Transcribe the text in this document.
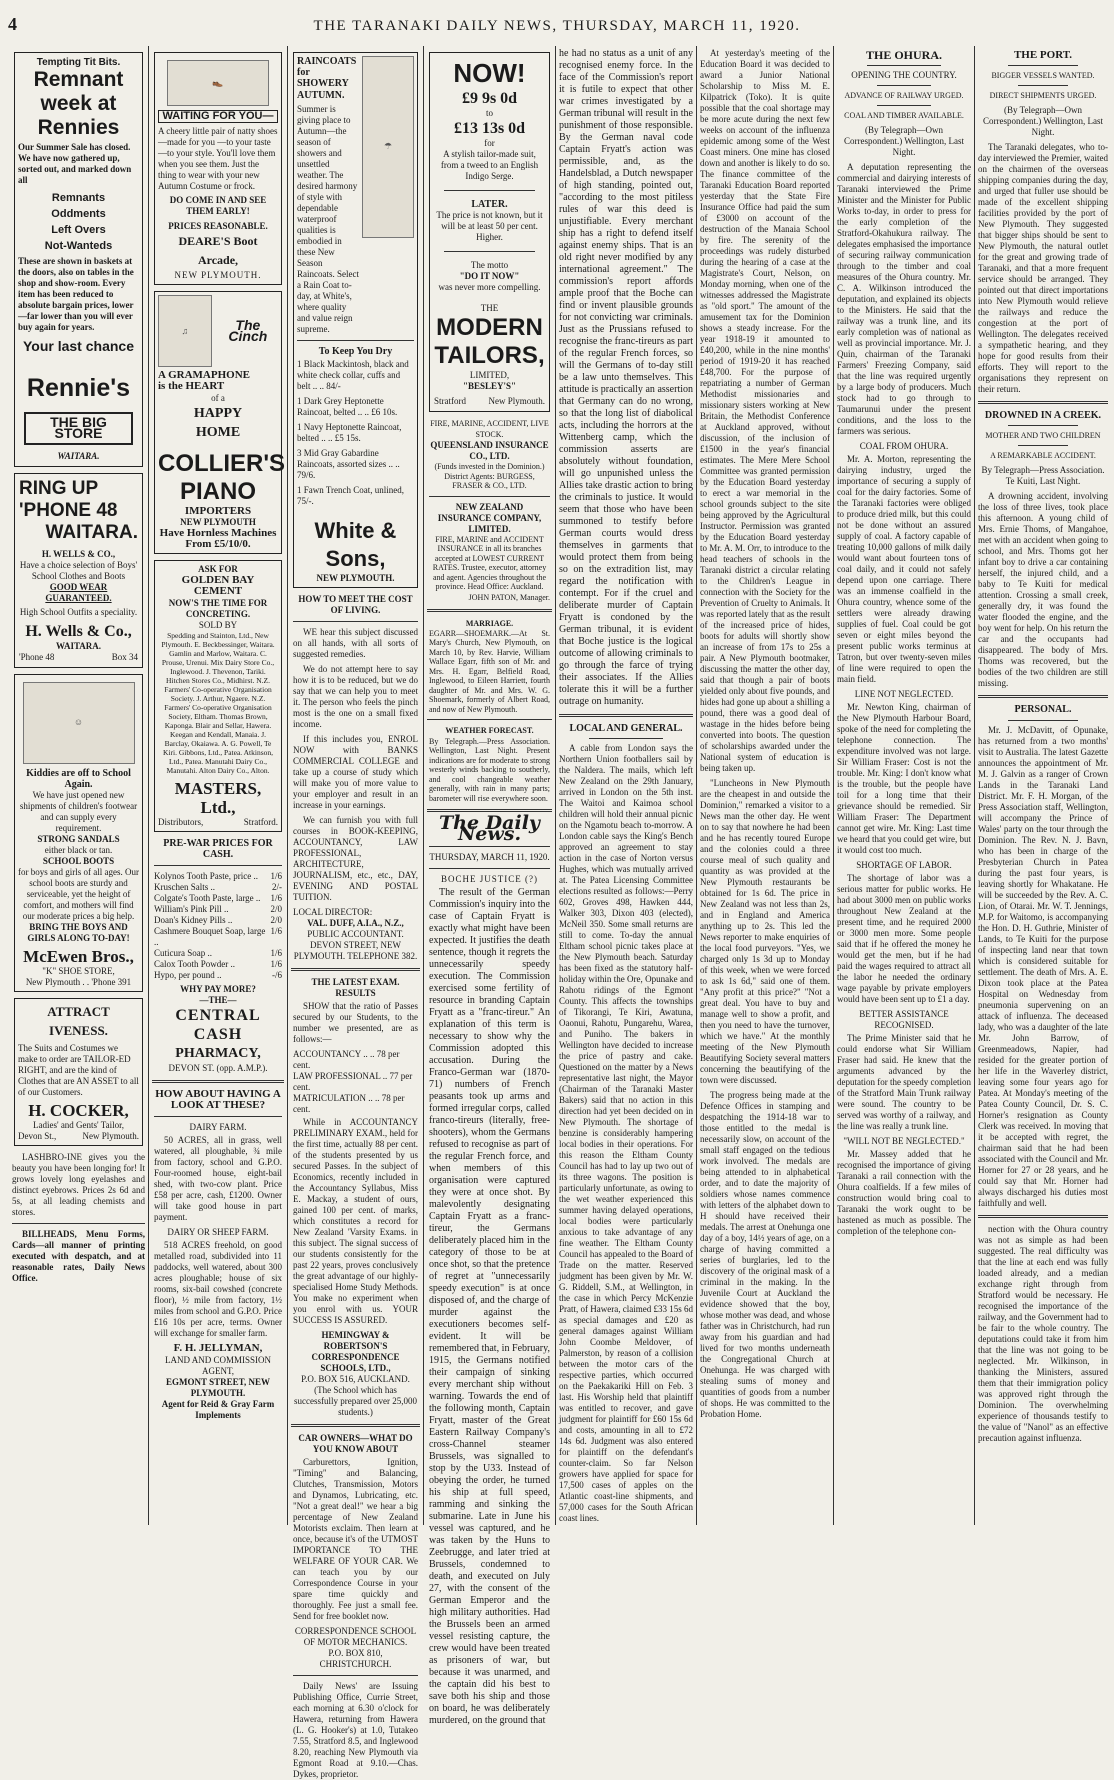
4	THE TARANAKI DAILY NEWS, THURSDAY, MARCH 11, 1920.
Tempting Tit Bits.
Remnant
week at
Rennies
Our Summer Sale has closed. We have now gathered up, sorted out, and marked down all
Remnants
Oddments
Left Overs
Not-Wanteds
These are shown in baskets at the doors, also on tables in the shop and show-room. Every item has been reduced to absolute bargain prices, lower—far lower than you will ever buy again for years.
Your last chance
Rennie's
THE BIG STORE
WAITARA.
RING UP
'PHONE 48
WAITARA.
H. WELLS & CO.,
Have a choice selection of Boys' School Clothes and Boots
GOOD WEAR GUARANTEED.
High School Outfits a speciality.
H. Wells & Co.,
WAITARA.
'Phone 48	Box 34
☺
Kiddies are off to School Again.
We have just opened new shipments of children's footwear and can supply every requirement.
STRONG SANDALS
either black or tan.
SCHOOL BOOTS
for boys and girls of all ages. Our school boots are sturdy and serviceable, yet the height of comfort, and mothers will find our moderate prices a big help.
BRING THE BOYS AND GIRLS ALONG TO-DAY!
McEwen Bros.,
"K" SHOE STORE,
New Plymouth . . 'Phone 391
ATTRACT IVENESS.
The Suits and Costumes we make to order are TAILOR-ED RIGHT, and are the kind of Clothes that are AN ASSET to all of our Customers.
H. COCKER,
Ladies' and Gents' Tailor,
Devon St.,	New Plymouth.
LASHBRO-INE gives you the beauty you have been longing for! It grows lovely long eyelashes and distinct eyebrows. Prices 2s 6d and 5s, at all leading chemists and stores.
BILLHEADS, Menu Forms, Cards—all manner of printing executed with despatch, and at reasonable rates, Daily News Office.
👞
WAITING FOR YOU—
A cheery little pair of natty shoes —made for you —to your taste —to your style. You'll love them when you see them. Just the thing to wear with your new Autumn Costume or frock.
DO COME IN AND SEE THEM EARLY!
PRICES REASONABLE.
DEARE'S Boot Arcade,
NEW PLYMOUTH.
♫	The Cinch
A GRAMAPHONE
is the HEART
of a
HAPPY
HOME
COLLIER'S
PIANO
IMPORTERS
NEW PLYMOUTH
Have Hornless Machines From £5/10/0.
ASK FOR
GOLDEN BAY CEMENT
NOW'S THE TIME FOR CONCRETING.
SOLD BY
Spedding and Stainton, Ltd., New Plymouth. E. Beckbessinger, Waitara. Gamlin and Marlow, Waitara. C. Prouse, Urenui. Mix Dairy Store Co., Inglewood. J. Thevenon, Tariki. Hitchen Stores Co., Midhirst. N.Z. Farmers' Co-operative Organisation Society. J. Arthur, Ngaere. N.Z. Farmers' Co-operative Organisation Society, Eltham. Thomas Brown, Kaponga. Blair and Sellar, Hawera. Keegan and Kendall, Manaia. J. Barclay, Okaiawa. A. G. Powell, Te Kiri. Gibbons, Ltd., Patea. Atkinson, Ltd., Patea. Manutahi Dairy Co., Manutahi. Alton Dairy Co., Alton.
MASTERS, Ltd.,
Distributors,	Stratford.
PRE-WAR PRICES FOR CASH.
Kolynos Tooth Paste, price .. 1/6
Kruschen Salts ..	2/-
Colgate's Tooth Paste, large .. 1/6
William's Pink Pill ..	2/0
Doan's Kidney Pills ..	2/0
Cashmere Bouquet Soap, large ..
1/6
Cuticura Soap ..	1/6
Calox Tooth Powder ..	1/6
Hypo, per pound ..	-/6
WHY PAY MORE?
—THE—
CENTRAL CASH
PHARMACY,
DEVON ST. (opp. A.M.P.).
HOW ABOUT HAVING A LOOK AT THESE?
DAIRY FARM.
50 ACRES, all in grass, well watered, all ploughable, ¾ mile from factory, school and G.P.O. Four-roomed house, eight-bail shed, with two-cow plant. Price £58 per acre, cash, £1200. Owner will take good house in part payment.
DAIRY OR SHEEP FARM.
518 ACRES freehold, on good metalled road, subdivided into 11 paddocks, well watered, about 300 acres ploughable; house of six rooms, six-bail cowshed (concrete floor), ½ mile from factory, 1½ miles from school and G.P.O. Price £16 10s per acre, terms. Owner will exchange for smaller farm.
F. H. JELLYMAN,
LAND AND COMMISSION AGENT,
EGMONT STREET, NEW PLYMOUTH.
Agent for Reid & Gray Farm Implements
RAINCOATS for SHOWERY AUTUMN.
Summer is giving place to Autumn—the season of showers and unsettled weather. The desired harmony of style with dependable waterproof qualities is embodied in these New Season Raincoats. Select a Rain Coat to-day, at White's, where quality and value reign supreme.
☂
To Keep You Dry
1 Black Mackintosh, black and white check collar, cuffs and belt .. .. 84/-
1 Dark Grey Heptonette Raincoat, belted .. .. £6 10s.
1 Navy Heptonette Raincoat, belted .. .. £5 15s.
3 Mid Gray Gabardine Raincoats, assorted sizes .. .. 79/6.
1 Fawn Trench Coat, unlined, 75/-.
White & Sons,
NEW PLYMOUTH.
HOW TO MEET THE COST OF LIVING.
WE hear this subject discussed on all hands, with all sorts of suggested remedies.
We do not attempt here to say how it is to be reduced, but we do say that we can help you to meet it. The person who feels the pinch most is the one on a small fixed income.
If this includes you, ENROL NOW with BANKS COMMERCIAL COLLEGE and take up a course of study which will make you of more value to your employer and result in an increase in your earnings.
We can furnish you with full courses in BOOK-KEEPING, ACCOUNTANCY, LAW PROFESSIONAL, ARCHITECTURE, JOURNALISM, etc., etc., DAY, EVENING AND POSTAL TUITION.
LOCAL DIRECTOR:
VAL. DUFF, A.I.A., N.Z.,
PUBLIC ACCOUNTANT.
DEVON STREET, NEW PLYMOUTH. TELEPHONE 382.
THE LATEST EXAM. RESULTS
SHOW that the ratio of Passes secured by our Students, to the number we presented, are as follows:—
ACCOUNTANCY .. .. 78 per cent.
LAW PROFESSIONAL .. 77 per cent.
MATRICULATION .. .. 78 per cent.
While in ACCOUNTANCY PRELIMINARY EXAM., held for the first time, actually 88 per cent. of the students presented by us secured Passes. In the subject of Economics, recently included in the Accountancy Syllabus, Miss E. Mackay, a student of ours, gained 100 per cent. of marks, which constitutes a record for New Zealand 'Varsity Exams. in this subject. The signal success of our students consistently for the past 22 years, proves conclusively the great advantage of our highly-specialised Home Study Methods. You make no experiment when you enrol with us. YOUR SUCCESS IS ASSURED.
HEMINGWAY & ROBERTSON'S CORRESPONDENCE SCHOOLS, LTD.,
P.O. BOX 516, AUCKLAND.
(The School which has successfully prepared over 25,000 students.)
CAR OWNERS—WHAT DO YOU KNOW ABOUT
Carburettors, Ignition, "Timing" and Balancing, Clutches, Transmission, Motors and Dynamos, Lubricating, etc. "Not a great deal!" we hear a big percentage of New Zealand Motorists exclaim. Then learn at once, because it's of the UTMOST IMPORTANCE TO THE WELFARE OF YOUR CAR. We can teach you by our Correspondence Course in your spare time quickly and thoroughly. Fee just a small fee. Send for free booklet now.
CORRESPONDENCE SCHOOL OF MOTOR MECHANICS.
P.O. BOX 810, CHRISTCHURCH.
Daily News' are Issuing Publishing Office, Currie Street, each morning at 6.30 o'clock for Hawera, returning from Hawera (L. G. Hooker's) at 1.0, Tutakeo 7.55, Stratford 8.5, and Inglewood 8.20, reaching New Plymouth via Egmont Road at 9.10.—Chas. Dykes, proprietor.
NOW!
£9 9s 0d
to
£13 13s 0d
for
A stylish tailor-made suit, from a tweed to an English Indigo Serge.
LATER.
The price is not known, but it will be at least 50 per cent. Higher.
The motto
"DO IT NOW"
was never more compelling.
THE
MODERN
TAILORS,
LIMITED,
"BESLEY'S"
Stratford New Plymouth.
FIRE, MARINE, ACCIDENT, LIVE STOCK.
QUEENSLAND INSURANCE CO., LTD.
(Funds invested in the Dominion.) District Agents: BURGESS, FRASER & CO., LTD.
NEW ZEALAND INSURANCE COMPANY, LIMITED.
FIRE, MARINE and ACCIDENT INSURANCE in all its branches accepted at LOWEST CURRENT RATES. Trustee, executor, attorney and agent. Agencies throughout the province. Head Office: Auckland.
JOHN PATON, Manager.
MARRIAGE.
EGARR—SHOEMARK.—At St. Mary's Church, New Plymouth, on March 10, by Rev. Harvie, William Wallace Egarr, fifth son of Mr. and Mrs. H. Egarr, Belfield Road, Inglewood, to Eileen Harriett, fourth daughter of Mr. and Mrs. W. G. Shoemark, formerly of Albert Road, and now of New Plymouth.
WEATHER FORECAST.
By Telegraph.—Press Association. Wellington, Last Night. Present indications are for moderate to strong westerly winds backing to southerly, and cool changeable weather generally, with rain in many parts; barometer will rise everywhere soon.
The Daily News.
THURSDAY, MARCH 11, 1920.
BOCHE JUSTICE (?)
The result of the German Commission's inquiry into the case of Captain Fryatt is exactly what might have been expected. It justifies the death sentence, though it regrets the unnecessarily speedy execution. The Commission exercised some fertility of resource in branding Captain Fryatt as a "franc-tireur." An explanation of this term is necessary to show why the Commission adopted this accusation. During the Franco-German war (1870-71) numbers of French peasants took up arms and formed irregular corps, called franco-tireurs (literally, free-shooters), whom the Germans refused to recognise as part of the regular French force, and when members of this organisation were captured they were at once shot. By malevolently designating Captain Fryatt as a franc-tireur, the Germans deliberately placed him in the category of those to be at once shot, so that the pretence of regret at "unnecessarily speedy execution" is at once disposed of, and the charge of murder against the executioners becomes self-evident. It will be remembered that, in February, 1915, the Germans notified their campaign of sinking every merchant ship without warning. Towards the end of the following month, Captain Fryatt, master of the Great Eastern Railway Company's cross-Channel steamer Brussels, was signalled to stop by the U33. Instead of obeying the order, he turned his ship at full speed, ramming and sinking the submarine. Late in June his vessel was captured, and he was taken by the Huns to Zeebrugge, and later tried at Brussels, condemned to death, and executed on July 27, with the consent of the German Emperor and the high military authorities. Had the Brussels been an armed vessel resisting capture, the crew would have been treated as prisoners of war, but because it was unarmed, and the captain did his best to save both his ship and those on board, he was deliberately murdered, on the ground that
he had no status as a unit of any recognised enemy force. In the face of the Commission's report it is futile to expect that other war crimes investigated by a German tribunal will result in the punishment of those responsible. By the German naval code Captain Fryatt's action was permissible, and, as the Handelsblad, a Dutch newspaper of high standing, pointed out, "according to the most pitiless rules of war this deed is unjustifiable. Every merchant ship has a right to defend itself against enemy ships. That is an old right never modified by any international agreement." The commission's report affords ample proof that the Boche can find or invent plausible grounds for not convicting war criminals. Just as the Prussians refused to recognise the franc-tireurs as part of the regular French forces, so will the Germans of to-day still be a law unto themselves. This attitude is practically an assertion that Germany can do no wrong, so that the long list of diabolical acts, including the horrors at the Wittenberg camp, which the commission asserts are absolutely without foundation, will go unpunished unless the Allies take drastic action to bring the criminals to justice. It would seem that those who have been summoned to testify before German courts would dress themselves in garments that would protect them from being so on the extradition list, may regard the notification with contempt. For if the cruel and deliberate murder of Captain Fryatt is condoned by the German tribunal, it is evident that Boche justice is the logical outcome of allowing criminals to go through the farce of trying their associates. If the Allies tolerate this it will be a further outrage on humanity.
LOCAL AND GENERAL.
A cable from London says the Northern Union footballers sail by the Naldera. The mails, which left New Zealand on the 29th January, arrived in London on the 5th inst. The Waitoi and Kaimoa school children will hold their annual picnic on the Ngamotu beach to-morrow. A London cable says the King's Bench approved an agreement to stay action in the case of Norton versus Hughes, which was mutually arrived at. The Patea Licensing Committee elections resulted as follows:—Perry 602, Groves 498, Hawken 444, Walker 303, Dixon 403 (elected), McNeil 350. Some small returns are still to come. To-day the annual Eltham school picnic takes place at the New Plymouth beach. Saturday has been fixed as the statutory half-holiday within the Ore, Opunake and Rahotu ridings of the Egmont County. This affects the townships of Tikorangi, Te Kiri, Awatuna, Oaonui, Rahotu, Pungarehu, Warea, and Puniho. The bakers in Wellington have decided to increase the price of pastry and cake. Questioned on the matter by a News representative last night, the Mayor (Chairman of the Taranaki Master Bakers) said that no action in this direction had yet been decided on in New Plymouth. The shortage of benzine is considerably hampering local bodies in their operations. For this reason the Eltham County Council has had to lay up two out of its three wagons. The position is particularly unfortunate, as owing to the wet weather experienced this summer having delayed operations, local bodies were particularly anxious to take advantage of any fine weather. The Eltham County Council has appealed to the Board of Trade on the matter. Reserved judgment has been given by Mr. W. G. Riddell, S.M., at Wellington, in the case in which Percy McKenzie Pratt, of Hawera, claimed £33 15s 6d as special damages and £20 as general damages against William John Coombe Meldover, of Palmerston, by reason of a collision between the motor cars of the respective parties, which occurred on the Paekakariki Hill on Feb. 3 last. His Worship held that plaintiff was entitled to recover, and gave judgment for plaintiff for £60 15s 6d and costs, amounting in all to £72 14s 6d. Judgment was also entered for plaintiff on the defendant's counter-claim. So far Nelson growers have applied for space for 17,500 cases of apples on the Atlantic coast-line shipments, and 57,000 cases for the South African coast lines.
At yesterday's meeting of the Education Board it was decided to award a Junior National Scholarship to Miss M. E. Kilpatrick (Toko). It is quite possible that the coal shortage may be more acute during the next few weeks on account of the influenza epidemic among some of the West Coast miners. One mine has closed down and another is likely to do so. The finance committee of the Taranaki Education Board reported yesterday that the State Fire Insurance Office had paid the sum of £3000 on account of the destruction of the Manaia School by fire. The serenity of the proceedings was rudely disturbed during the hearing of a case at the Magistrate's Court, Nelson, on Monday morning, when one of the witnesses addressed the Magistrate as "old sport." The amount of the amusement tax for the Dominion shows a steady increase. For the year 1918-19 it amounted to £40,200, while in the nine months' period of 1919-20 it has reached £48,700. For the purpose of repatriating a number of German Methodist missionaries and missionary sisters working at New Britain, the Methodist Conference at Auckland approved, without discussion, of the inclusion of £1500 in the year's financial estimates. The Mere Mere School Committee was granted permission by the Education Board yesterday to erect a war memorial in the school grounds subject to the site being approved by the Agricultural Instructor. Permission was granted by the Education Board yesterday to Mr. A. M. Orr, to introduce to the head teachers of schools in the Taranaki district a circular relating to the Children's League in connection with the Society for the Prevention of Cruelty to Animals. It was reported lately that as the result of the increased price of hides, boots for adults will shortly show an increase of from 17s to 25s a pair. A New Plymouth bootmaker, discussing the matter the other day, said that though a pair of boots yielded only about five pounds, and hides had gone up about a shilling a pound, there was a good deal of wastage in the hides before being converted into boots. The question of scholarships awarded under the National system of education is being taken up.
"Luncheons in New Plymouth are the cheapest in and outside the Dominion," remarked a visitor to a News man the other day. He went on to say that nowhere he had been and he has recently toured Europe and the colonies could a three course meal of such quality and quantity as was provided at the New Plymouth restaurants be obtained for 1s 6d. The price in New Zealand was not less than 2s, and in England and America anything up to 2s. This led the News reporter to make enquiries of the local food purveyors. "Yes, we charged only 1s 3d up to Monday of this week, when we were forced to ask 1s 6d," said one of them. "Any profit at this price?" "Not a great deal. You have to buy and manage well to show a profit, and then you need to have the turnover, which we have." At the monthly meeting of the New Plymouth Beautifying Society several matters concerning the beautifying of the town were discussed.
The progress being made at the Defence Offices in stamping and despatching the 1914-18 war to those entitled to the medal is necessarily slow, on account of the small staff engaged on the tedious work involved. The medals are being attended to in alphabetical order, and to date the majority of soldiers whose names commence with letters of the alphabet down to H should have received their medals. The arrest at Onehunga one day of a boy, 14½ years of age, on a charge of having committed a series of burglaries, led to the discovery of the original mask of a criminal in the making. In the Juvenile Court at Auckland the evidence showed that the boy, whose mother was dead, and whose father was in Christchurch, had run away from his guardian and had lived for two months underneath the Congregational Church at Onehunga. He was charged with stealing sums of money and quantities of goods from a number of shops. He was committed to the Probation Home.
THE OHURA.
OPENING THE COUNTRY.
ADVANCE OF RAILWAY URGED.
COAL AND TIMBER AVAILABLE.
(By Telegraph—Own Correspondent.) Wellington, Last Night.
A deputation representing the commercial and dairying interests of Taranaki interviewed the Prime Minister and the Minister for Public Works to-day, in order to press for the early completion of the Stratford-Okahukura railway. The delegates emphasised the importance of securing railway communication through to the timber and coal measures of the Ohura country. Mr. C. A. Wilkinson introduced the deputation, and explained its objects to the Ministers. He said that the railway was a trunk line, and its early completion was of national as well as provincial importance. Mr. J. Quin, chairman of the Taranaki Farmers' Freezing Company, said that the line was required urgently by a large body of producers. Much stock had to go through to Taumarunui under the present conditions, and the loss to the farmers was serious.
COAL FROM OHURA.
Mr. A. Morton, representing the dairying industry, urged the importance of securing a supply of coal for the dairy factories. Some of the Taranaki factories were obliged to produce dried milk, but this could not be done without an assured supply of coal. A factory capable of treating 10,000 gallons of milk daily would want about fourteen tons of coal daily, and it could not safely depend upon one carriage. There was an immense coalfield in the Ohura country, whence some of the settlers were already drawing supplies of fuel. Coal could be got seven or eight miles beyond the present public works terminus at Tatron, but over twenty-seven miles of line were required to open the main field.
LINE NOT NEGLECTED.
Mr. Newton King, chairman of the New Plymouth Harbour Board, spoke of the need for completing the telephone connection. The expenditure involved was not large. Sir William Fraser: Cost is not the trouble. Mr. King: I don't know what is the trouble, but the people have toil for a long time that their grievance should be remedied. Sir William Fraser: The Department cannot get wire. Mr. King: Last time we heard that you could get wire, but it would cost too much.
SHORTAGE OF LABOR.
The shortage of labor was a serious matter for public works. He had about 3000 men on public works throughout New Zealand at the present time, and he required 2000 or 3000 men more. Some people said that if he offered the money he would get the men, but if he had paid the wages required to attract all the labor he needed the ordinary wage payable by private employers would have been sent up to £1 a day.
BETTER ASSISTANCE RECOGNISED.
The Prime Minister said that he could endorse what Sir William Fraser had said. He knew that the arguments advanced by the deputation for the speedy completion of the Stratford Main Trunk railway were sound. The country to be served was worthy of a railway, and the line was really a trunk line.
"WILL NOT BE NEGLECTED."
Mr. Massey added that he recognised the importance of giving Taranaki a rail connection with the Ohura coalfields. If a few miles of construction would bring coal to Taranaki the work ought to be hastened as much as possible. The completion of the telephone con-
THE PORT.
BIGGER VESSELS WANTED.
DIRECT SHIPMENTS URGED.
(By Telegraph—Own Correspondent.) Wellington, Last Night.
The Taranaki delegates, who to-day interviewed the Premier, waited on the chairmen of the overseas shipping companies during the day, and urged that fuller use should be made of the excellent shipping facilities provided by the port of New Plymouth. They suggested that bigger ships should be sent to New Plymouth, the natural outlet for the great and growing trade of Taranaki, and that a more frequent service should be arranged. They pointed out that direct importations into New Plymouth would relieve the railways and reduce the congestion at the port of Wellington. The delegates received a sympathetic hearing, and they hope for good results from their efforts. They will report to the organisations they represent on their return.
DROWNED IN A CREEK.
MOTHER AND TWO CHILDREN
A REMARKABLE ACCIDENT.
By Telegraph—Press Association. Te Kuiti, Last Night.
A drowning accident, involving the loss of three lives, took place this afternoon. A young child of Mrs. Ernie Thoms, of Mangahoe, met with an accident when going to school, and Mrs. Thoms got her infant boy to drive a car containing herself, the injured child, and a baby to Te Kuiti for medical attention. Crossing a small creek, generally dry, it was found the water flooded the engine, and the boy went for help. On his return the car and the occupants had disappeared. The body of Mrs. Thoms was recovered, but the bodies of the two children are still missing.
PERSONAL.
Mr. J. McDavitt, of Opunake, has returned from a two months' visit to Australia. The latest Gazette announces the appointment of Mr. M. J. Galvin as a ranger of Crown Lands in the Taranaki Land District. Mr. F. H. Morgan, of the Press Association staff, Wellington, will accompany the Prince of Wales' party on the tour through the Dominion. The Rev. N. J. Bavn, who has been in charge of the Presbyterian Church in Patea during the past four years, is leaving shortly for Whakatane. He will be succeeded by the Rev. A. C. Lion, of Otarai. Mr. W. T. Jennings, M.P. for Waitomo, is accompanying the Hon. D. H. Guthrie, Minister of Lands, to Te Kuiti for the purpose of inspecting land near that town which is considered suitable for settlement. The death of Mrs. A. E. Dixon took place at the Patea Hospital on Wednesday from pneumonia supervening on an attack of influenza. The deceased lady, who was a daughter of the late Mr. John Barrow, of Greenmeadows, Napier, had resided for the greater portion of her life in the Waverley district, leaving some four years ago for Patea. At Monday's meeting of the Patea County Council, Dr. S. C. Horner's resignation as County Clerk was received. In moving that it be accepted with regret, the chairman said that he had been associated with the Council and Mr. Horner for 27 or 28 years, and he could say that Mr. Horner had always discharged his duties most faithfully and well.
nection with the Ohura country was not as simple as had been suggested. The real difficulty was that the line at each end was fully loaded already, and a median exchange right through from Stratford would be necessary. He recognised the importance of the railway, and the Government had to be fair to the whole country. The deputations could take it from him that the line was not going to be neglected. Mr. Wilkinson, in thanking the Ministers, assured them that their immigration policy was approved right through the Dominion. The overwhelming experience of thousands testify to the value of "Nanol" as an effective precaution against influenza.
